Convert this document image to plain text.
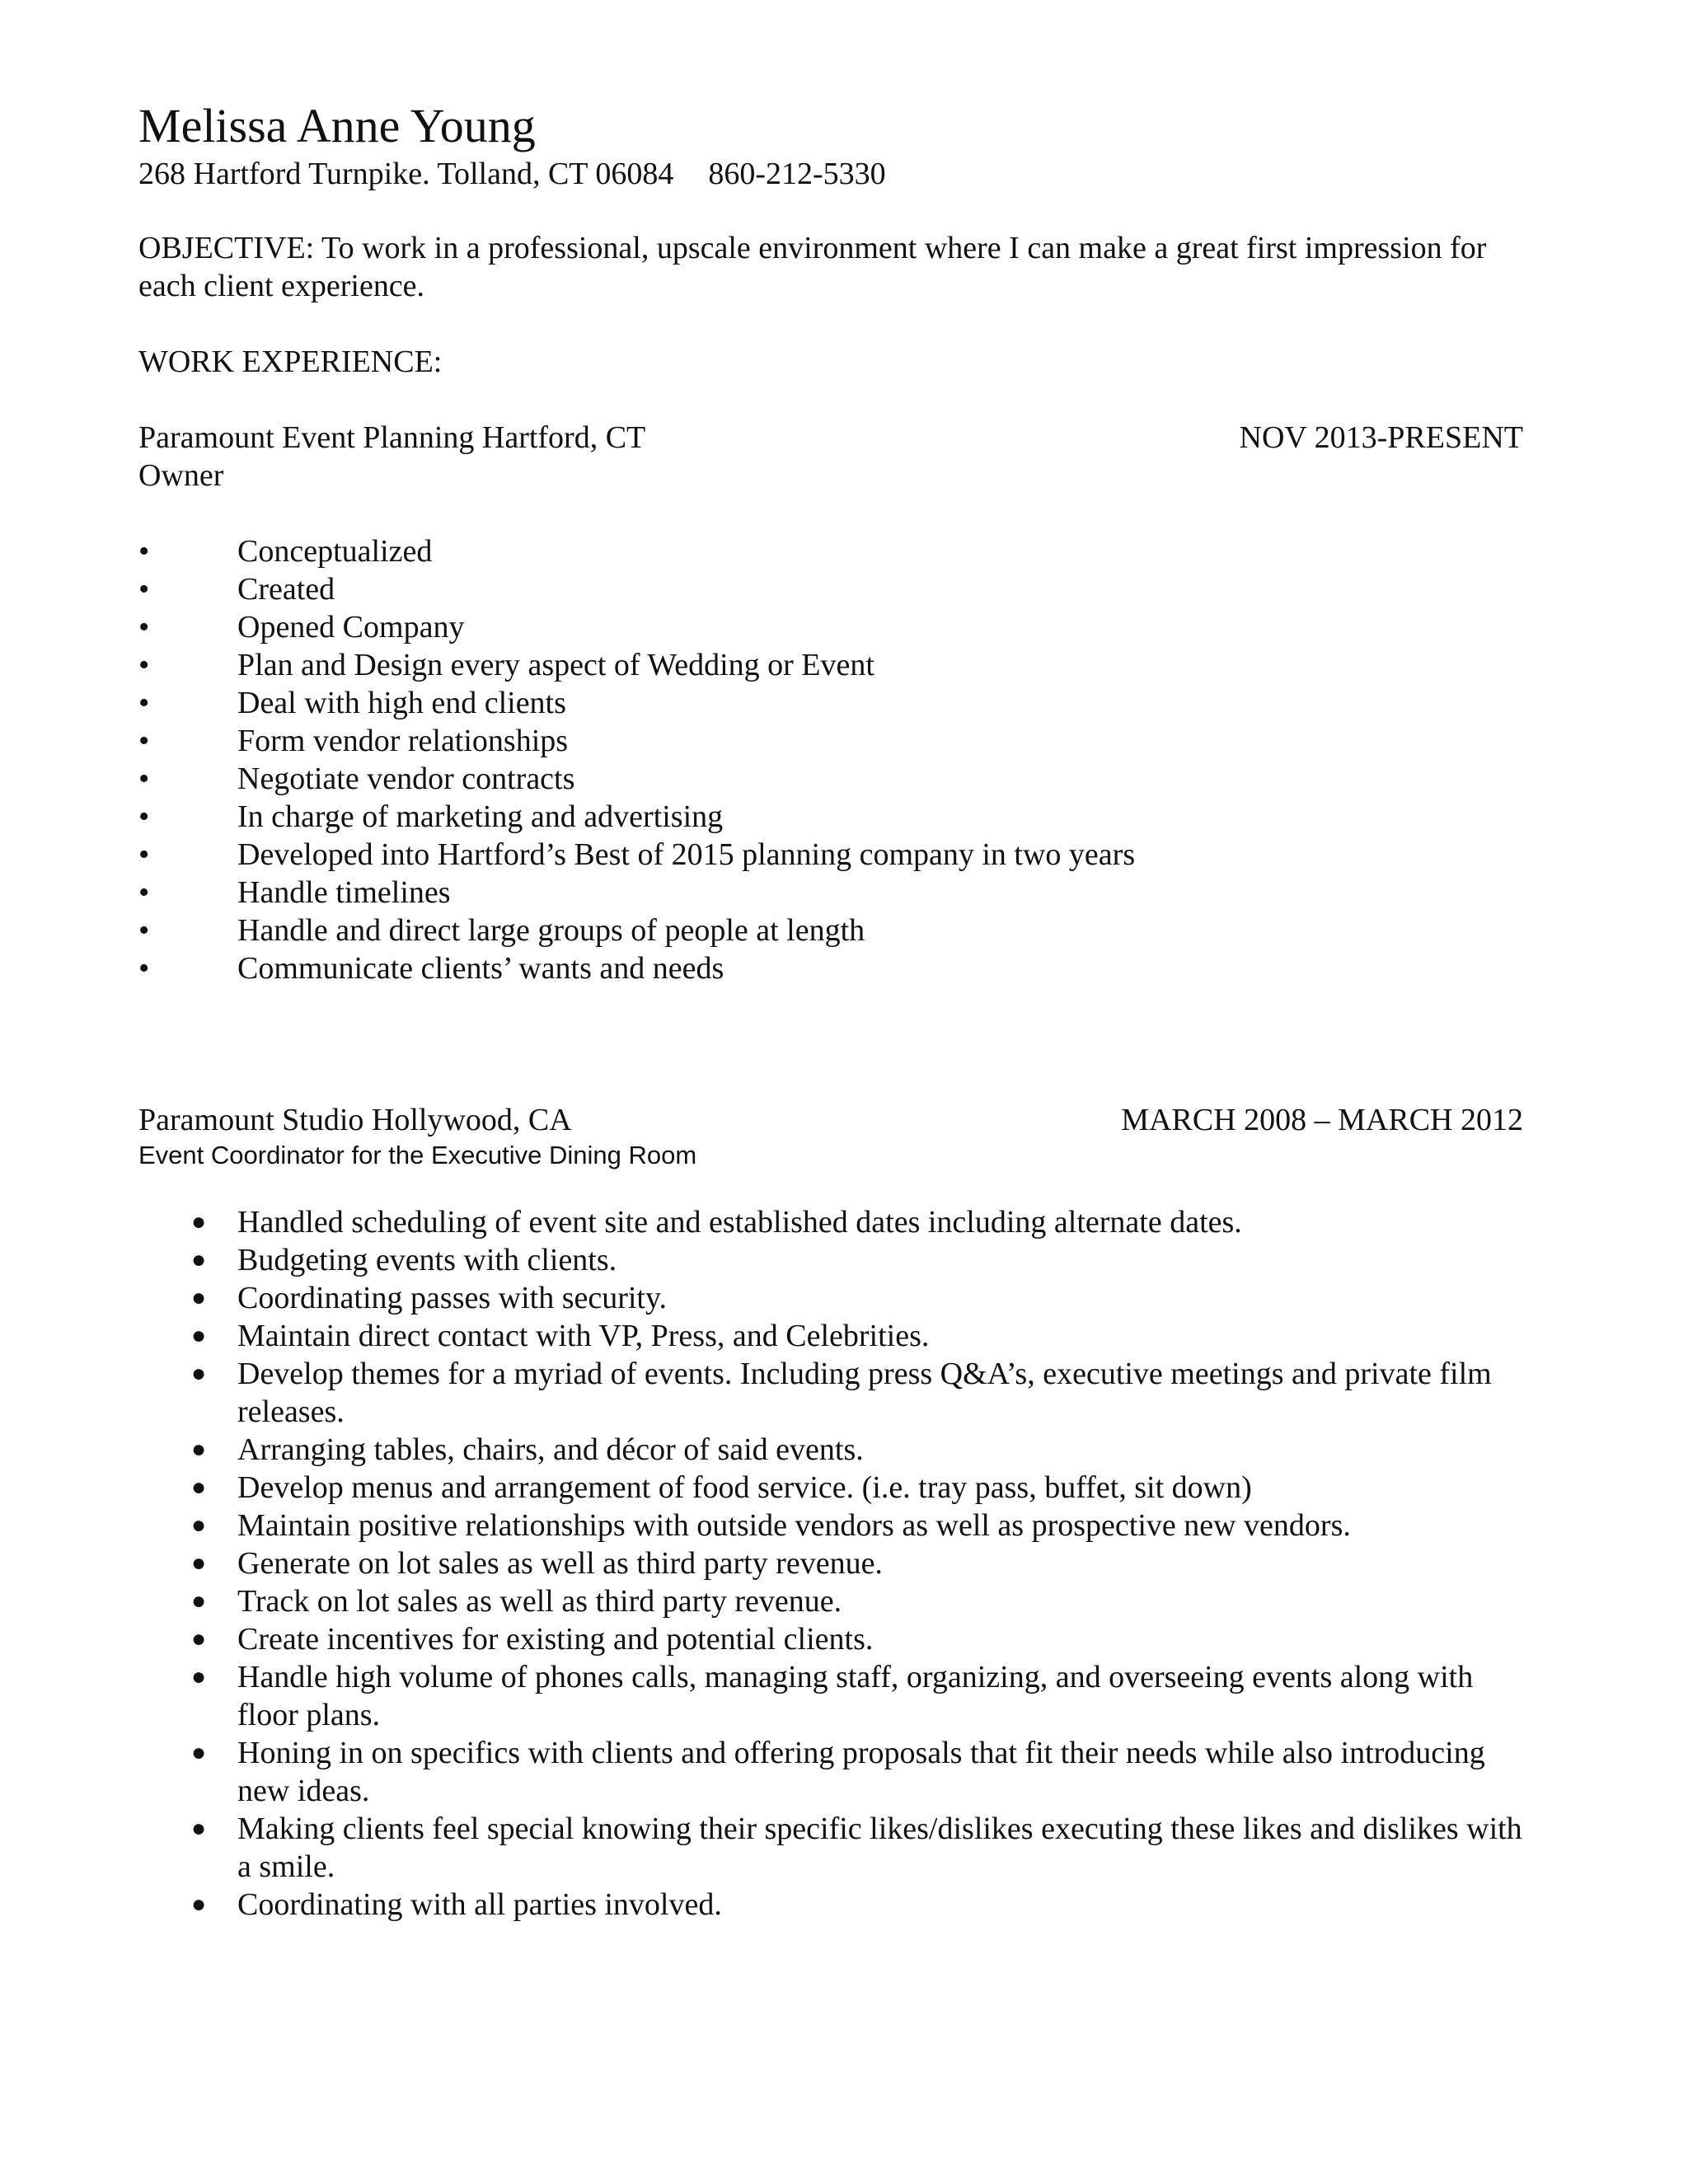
Melissa Anne Young
268 Hartford Turnpike. Tolland, CT 06084 860-212-5330
OBJECTIVE: To work in a professional, upscale environment where I can make a great first impression for each client experience.
WORK EXPERIENCE:
Paramount Event Planning Hartford, CT	NOV 2013-PRESENT
Owner
•	Conceptualized
•	Created
•	Opened Company
•	Plan and Design every aspect of Wedding or Event
•	Deal with high end clients
•	Form vendor relationships
•	Negotiate vendor contracts
•	In charge of marketing and advertising
•	Developed into Hartford’s Best of 2015 planning company in two years
•	Handle timelines
•	Handle and direct large groups of people at length
•	Communicate clients’ wants and needs
Paramount Studio Hollywood, CA	MARCH 2008 – MARCH 2012
Event Coordinator for the Executive Dining Room
● Handled scheduling of event site and established dates including alternate dates.
● Budgeting events with clients.
● Coordinating passes with security.
● Maintain direct contact with VP, Press, and Celebrities.
● Develop themes for a myriad of events. Including press Q&A’s, executive meetings and private film releases.
● Arranging tables, chairs, and décor of said events.
● Develop menus and arrangement of food service. (i.e. tray pass, buffet, sit down)
● Maintain positive relationships with outside vendors as well as prospective new vendors.
● Generate on lot sales as well as third party revenue.
● Track on lot sales as well as third party revenue.
● Create incentives for existing and potential clients.
● Handle high volume of phones calls, managing staff, organizing, and overseeing events along with floor plans.
● Honing in on specifics with clients and offering proposals that fit their needs while also introducing new ideas.
● Making clients feel special knowing their specific likes/dislikes executing these likes and dislikes with a smile.
● Coordinating with all parties involved.
